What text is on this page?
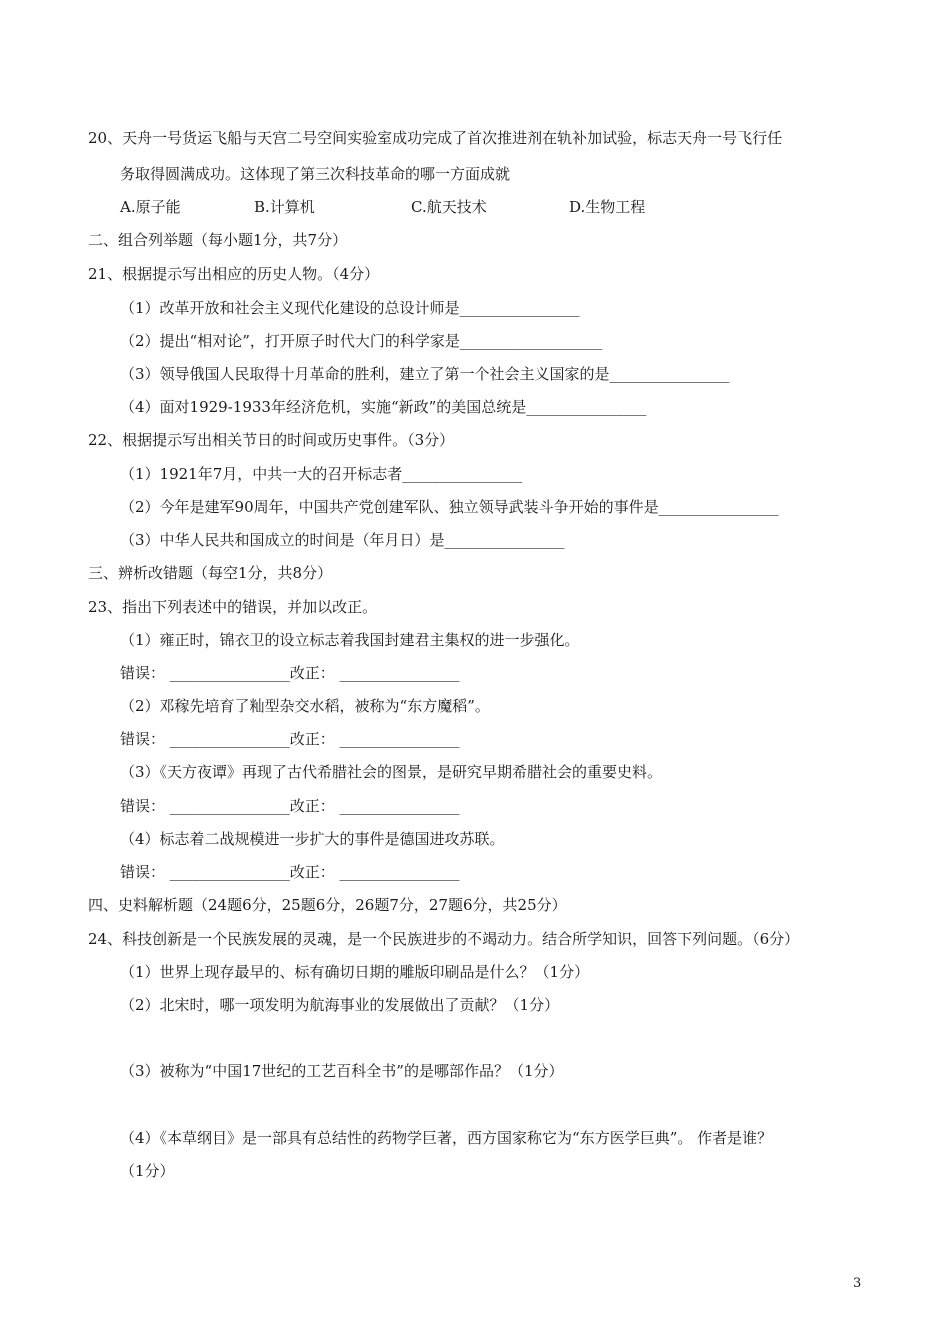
20、天舟一号货运飞船与天宫二号空间实验室成功完成了首次推进剂在轨补加试验，标志天舟一号飞行任
务取得圆满成功。这体现了第三次科技革命的哪一方面成就
A.原子能	B.计算机	C.航天技术	D.生物工程
二、组合列举题（每小题1分，共7分）
21、根据提示写出相应的历史人物。（4分）
（1）改革开放和社会主义现代化建设的总设计师是________________
（2）提出“相对论”，打开原子时代大门的科学家是___________________
（3）领导俄国人民取得十月革命的胜利，建立了第一个社会主义国家的是________________
（4）面对1929-1933年经济危机，实施“新政”的美国总统是________________
22、根据提示写出相关节日的时间或历史事件。（3分）
（1）1921年7月，中共一大的召开标志者________________
（2）今年是建军90周年，中国共产党创建军队、独立领导武装斗争开始的事件是________________
（3）中华人民共和国成立的时间是（年月日）是________________
三、辨析改错题（每空1分，共8分）
23、指出下列表述中的错误，并加以改正。
（1）雍正时，锦衣卫的设立标志着我国封建君主集权的进一步强化。
错误： ________________改正： ________________
（2）邓稼先培育了籼型杂交水稻，被称为“东方魔稻”。
错误： ________________改正： ________________
（3）《天方夜谭》再现了古代希腊社会的图景，是研究早期希腊社会的重要史料。
错误： ________________改正： ________________
（4）标志着二战规模进一步扩大的事件是德国进攻苏联。
错误： ________________改正： ________________
四、史料解析题（24题6分，25题6分，26题7分，27题6分，共25分）
24、科技创新是一个民族发展的灵魂，是一个民族进步的不竭动力。结合所学知识，回答下列问题。（6分）
（1）世界上现存最早的、标有确切日期的雕版印刷品是什么？（1分）
（2）北宋时，哪一项发明为航海事业的发展做出了贡献？（1分）
（3）被称为“中国17世纪的工艺百科全书”的是哪部作品？（1分）
（4）《本草纲目》是一部具有总结性的药物学巨著，西方国家称它为“东方医学巨典”。 作者是谁？
（1分）
3
